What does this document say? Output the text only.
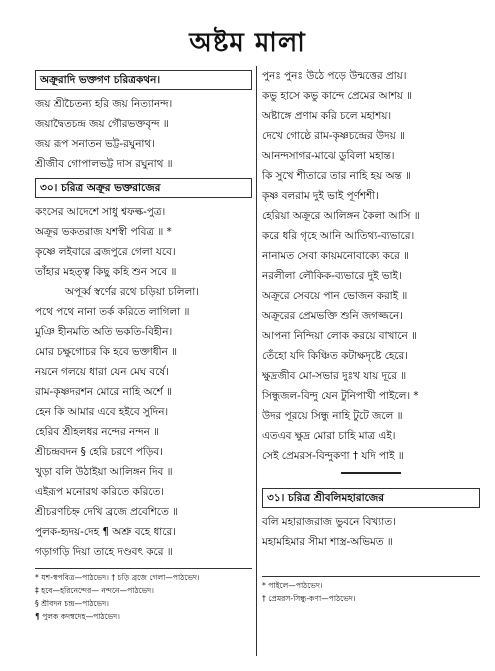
অষ্টম মালা
অক্রূরাদি ভক্তগণ চরিত্রকথন।
জয় শ্রীচৈতন্য হরি জয় নিত্যানন্দ।
জয়াদ্বৈতচন্দ্র জয় গৌরভক্তবৃন্দ ॥
জয় রূপ সনাতন ভট্ট-রঘুনাথ।
শ্রীজীব গোপালভট্ট দাস রঘুনাথ ॥
৩০। চরিত্র অক্রূর ভক্তরাজের
কংসের আদেশে সাধু শ্বফল্ক-পুত্র।
অক্রূর ভকতরাজ যশস্বী পবিত্র ॥ *
কৃষ্ণে লইবারে ব্রজপুরে গেলা যবে।
তাঁহার মহত্ত্ব কিছু কহি শুন সবে ॥
অপূর্ব্ব স্বর্ণের রথে চড়িয়া চলিলা।
পথে পথে নানা তর্ক করিতে লাগিলা ॥
মুঞি হীনমতি অতি ভকতি-বিহীন।
মোর চক্ষুগোচর কি হবে ভক্তাধীন ॥
নয়নে গলয়ে ধারা যেন মেঘ বর্ষে।
রাম-কৃষ্ণদরশন মোরে নাহি অর্শে ॥
হেন কি আমার এবে হইবে সুদিন।
হেরিব শ্রীহলধর নন্দের নন্দন ॥
শ্রীচন্দ্রবদন § হেরি চরণে পড়িব।
খুড়া বলি উঠাইয়া আলিঙ্গন দিব ॥
এইরূপ মনোরথ করিতে করিতে।
শ্রীচরণচিহ্ন দেখি ব্রজে প্রবেশিতে ॥
পুলক-হৃদয়-দেহ ¶ অশ্রু বহে ধারে।
গড়াগড়ি দিয়া তাহে দণ্ডবৎ করে ॥
* যশ-স্বপবিত্র—পাঠভেদ। † চড়ি ব্রজে গেলা—পাঠভেদ।
‡ হবে—হরিনেন্দের— নন্দনে—পাঠভেদ।
§ শ্রীবদন চন্দ্র—পাঠভেদ।
¶ পুলক কদম্বদেহ—পাঠভেদ।
পুনঃ পুনঃ উঠে পড়ে উন্মত্তের প্রায়।
কভু হাসে কভু কান্দে প্রেমের আশয় ॥
অষ্টাঙ্গে প্রণাম করি চলে মহাশয়।
দেখে গোষ্ঠে রাম-কৃষ্ণচন্দ্রের উদয় ॥
আনন্দসাগর-মাঝে ডুবিলা মহান্ত।
কি সুখে শীতারে তার নাহি হয় অন্ত ॥
কৃষ্ণ বলরাম দুই ভাই পূর্ণশশী।
হেরিয়া অক্রূরে আলিঙ্গন কৈলা আসি ॥
করে ধরি গৃহে আনি আতিথ্য-ব্যভারে।
নানামত সেবা কায়মনোবাক্যে করে ॥
নরলীলা লৌকিক-ব্যভারে দুই ভাই।
অক্রূরে সেবয়ে পান ভোজন করাই ॥
অক্রূরের প্রেমভক্তি শুনি জগজ্জনে।
আপনা নিন্দিয়া লোক করয়ে বাখানে ॥
তেঁহো যদি কিঞ্চিত কটাক্ষদৃষ্টে হেরে।
ক্ষুদ্রজীব মো-সভার দুঃখ যায় দূরে ॥
সিন্ধুজল-বিন্দু যেন টুনিপাখী পাইলে। *
উদর পূরয়ে সিন্ধু নাহি টুটে জলে ॥
এতএব ক্ষুদ্র মোরা চাহি মাত্র এই।
সেই প্রেমরস-বিন্দুকণা † যদি পাই ॥
৩১। চরিত্র শ্রীবলিমহারাজের
বলি মহারাজরাজ ভুবনে বিখ্যাত।
মহামহিমার সীমা শাস্ত্র-অভিমত ॥
* পাইলে—পাঠভেদ।
† প্রেমরস-সিন্ধু-কণা—পাঠভেদ।
